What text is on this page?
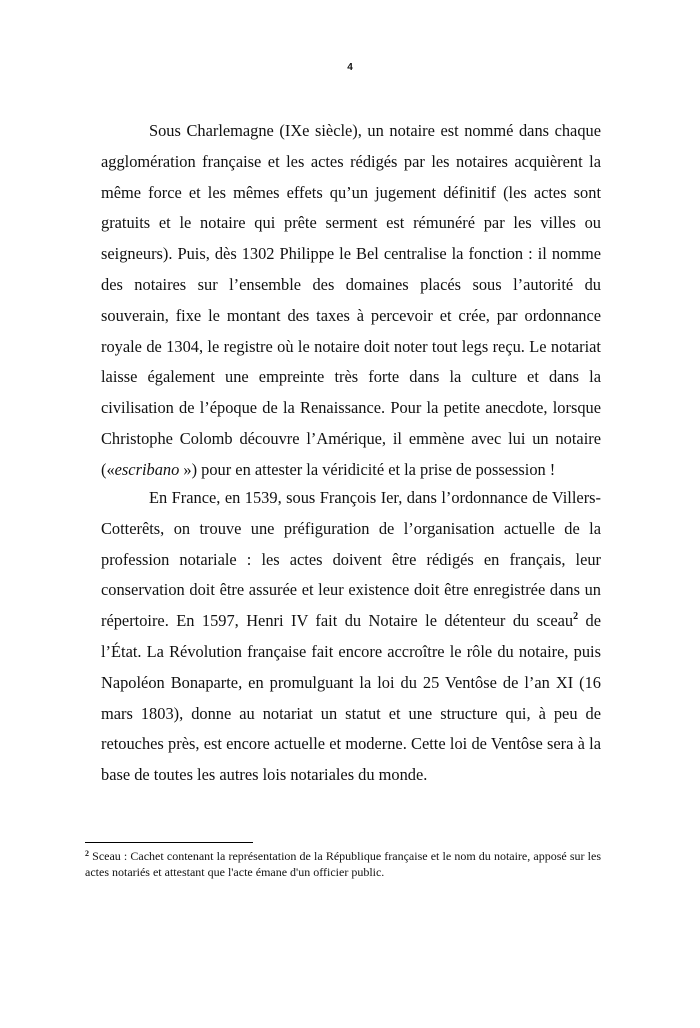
4

Sous Charlemagne (IXe siècle), un notaire est nommé dans chaque agglomération française et les actes rédigés par les notaires acquièrent la même force et les mêmes effets qu’un jugement définitif (les actes sont gratuits et le notaire qui prête serment est rémunéré par les villes ou seigneurs). Puis, dès 1302 Philippe le Bel centralise la fonction : il nomme des notaires sur l’ensemble des domaines placés sous l’autorité du souverain, fixe le montant des taxes à percevoir et crée, par ordonnance royale de 1304, le registre où le notaire doit noter tout legs reçu. Le notariat laisse également une empreinte très forte dans la culture et dans la civilisation de l’époque de la Renaissance. Pour la petite anecdote, lorsque Christophe Colomb découvre l’Amérique, il emmène avec lui un notaire («escribano ») pour en attester la véridicité et la prise de possession !

En France, en 1539, sous François Ier, dans l’ordonnance de Villers-Cotterêts, on trouve une préfiguration de l’organisation actuelle de la profession notariale : les actes doivent être rédigés en français, leur conservation doit être assurée et leur existence doit être enregistrée dans un répertoire. En 1597, Henri IV fait du Notaire le détenteur du sceau$^2$ de l’État. La Révolution française fait encore accroître le rôle du notaire, puis Napoléon Bonaparte, en promulguant la loi du 25 Ventôse de l’an XI (16 mars 1803), donne au notariat un statut et une structure qui, à peu de retouches près, est encore actuelle et moderne. Cette loi de Ventôse sera à la base de toutes les autres lois notariales du monde.

$^2$ Sceau : Cachet contenant la représentation de la République française et le nom du notaire, apposé sur les actes notariés et attestant que l'acte émane d'un officier public.
